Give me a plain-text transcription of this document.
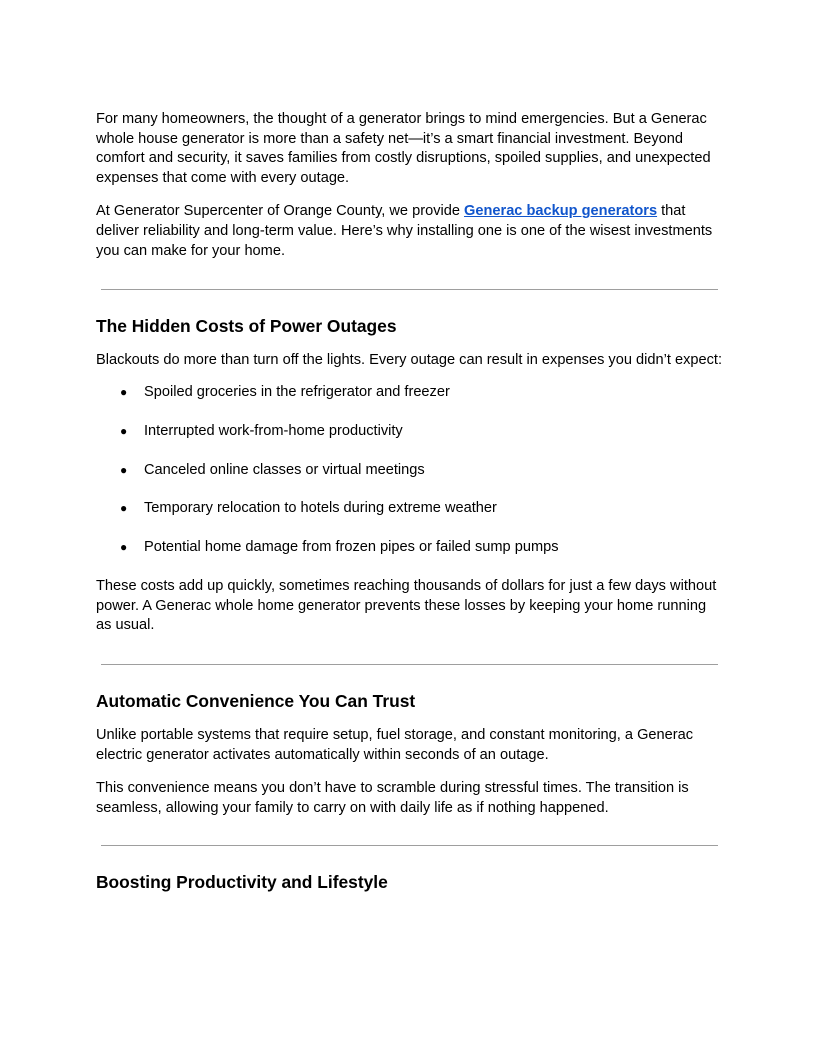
For many homeowners, the thought of a generator brings to mind emergencies. But a Generac whole house generator is more than a safety net—it’s a smart financial investment. Beyond comfort and security, it saves families from costly disruptions, spoiled supplies, and unexpected expenses that come with every outage.

At Generator Supercenter of Orange County, we provide Generac backup generators that deliver reliability and long-term value. Here’s why installing one is one of the wisest investments you can make for your home.

The Hidden Costs of Power Outages

Blackouts do more than turn off the lights. Every outage can result in expenses you didn’t expect:

● Spoiled groceries in the refrigerator and freezer
● Interrupted work-from-home productivity
● Canceled online classes or virtual meetings
● Temporary relocation to hotels during extreme weather
● Potential home damage from frozen pipes or failed sump pumps

These costs add up quickly, sometimes reaching thousands of dollars for just a few days without power. A Generac whole home generator prevents these losses by keeping your home running as usual.

Automatic Convenience You Can Trust

Unlike portable systems that require setup, fuel storage, and constant monitoring, a Generac electric generator activates automatically within seconds of an outage.

This convenience means you don’t have to scramble during stressful times. The transition is seamless, allowing your family to carry on with daily life as if nothing happened.

Boosting Productivity and Lifestyle
